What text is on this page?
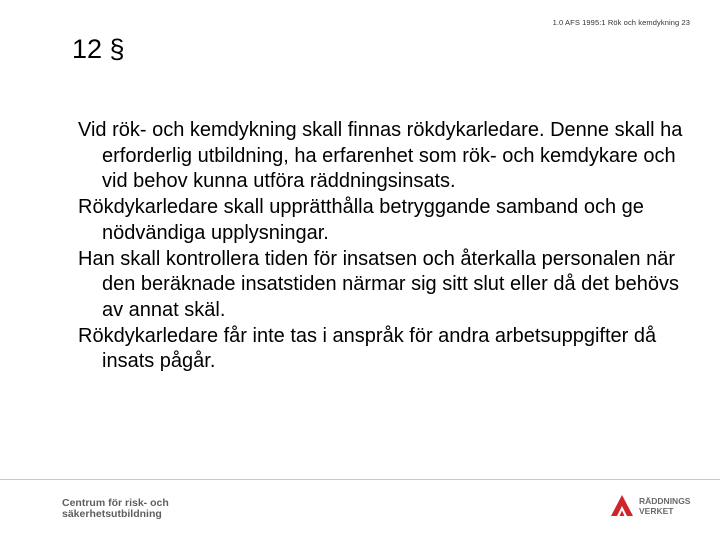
1.0 AFS 1995:1 Rök och kemdykning 23
12 §
Vid rök- och kemdykning skall finnas rökdykarledare. Denne skall ha erforderlig utbildning, ha erfarenhet som rök- och kemdykare och vid behov kunna utföra räddningsinsats.
Rökdykarledare skall upprätthålla betryggande samband och ge nödvändiga upplysningar.
Han skall kontrollera tiden för insatsen och återkalla personalen när den beräknade insatstiden närmar sig sitt slut eller då det behövs av annat skäl.
Rökdykarledare får inte tas i anspråk för andra arbetsuppgifter då insats pågår.
Centrum för risk- och
säkerhetsutbildning
RÄDDNINGS
VERKET
